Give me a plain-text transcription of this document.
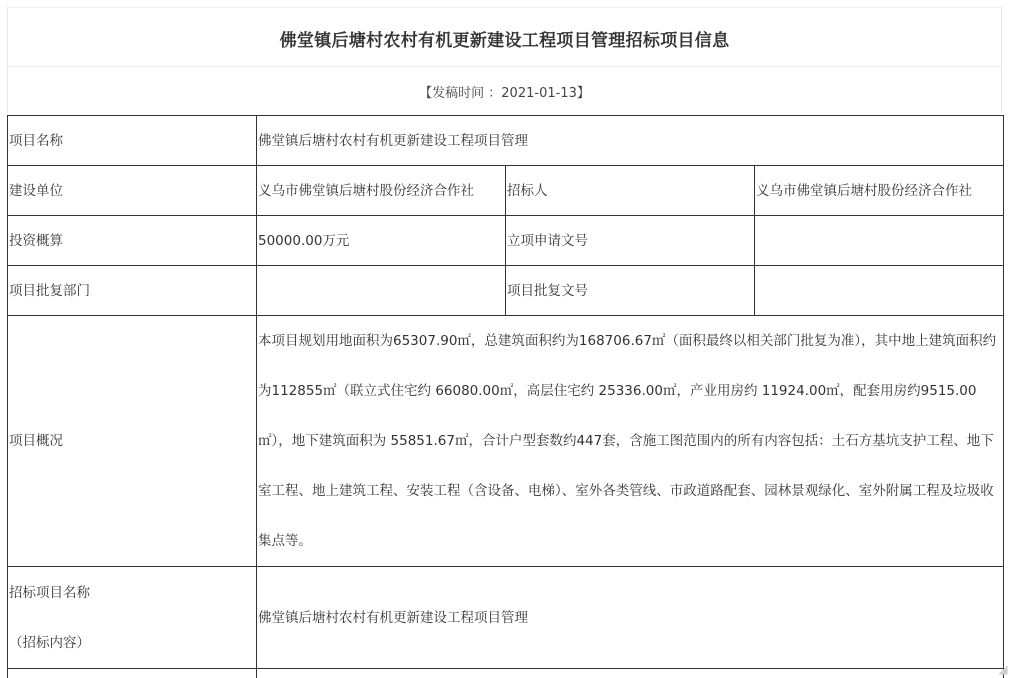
佛堂镇后塘村农村有机更新建设工程项目管理招标项目信息
【发稿时间 ：2021-01-13】
项目名称	佛堂镇后塘村农村有机更新建设工程项目管理		
建设单位	义乌市佛堂镇后塘村股份经济合作社	招标人	义乌市佛堂镇后塘村股份经济合作社
投资概算	50000.00万元	立项申请文号	
项目批复部门		项目批复文号	
项目概况	本项目规划用地面积为65307.90㎡，总建筑面积约为168706.67㎡（面积最终以相关部门批复为准），其中地上建筑面积约为112855㎡（联立式住宅约 66080.00㎡，高层住宅约 25336.00㎡，产业用房约 11924.00㎡，配套用房约9515.00㎡），地下建筑面积为 55851.67㎡，合计户型套数约447套，含施工图范围内的所有内容包括：土石方基坑支护工程、地下室工程、地上建筑工程、安装工程（含设备、电梯）、室外各类管线、市政道路配套、园林景观绿化、室外附属工程及垃圾收集点等。		

招标项目名称
（招标内容）	佛堂镇后塘村农村有机更新建设工程项目管理		

◢
